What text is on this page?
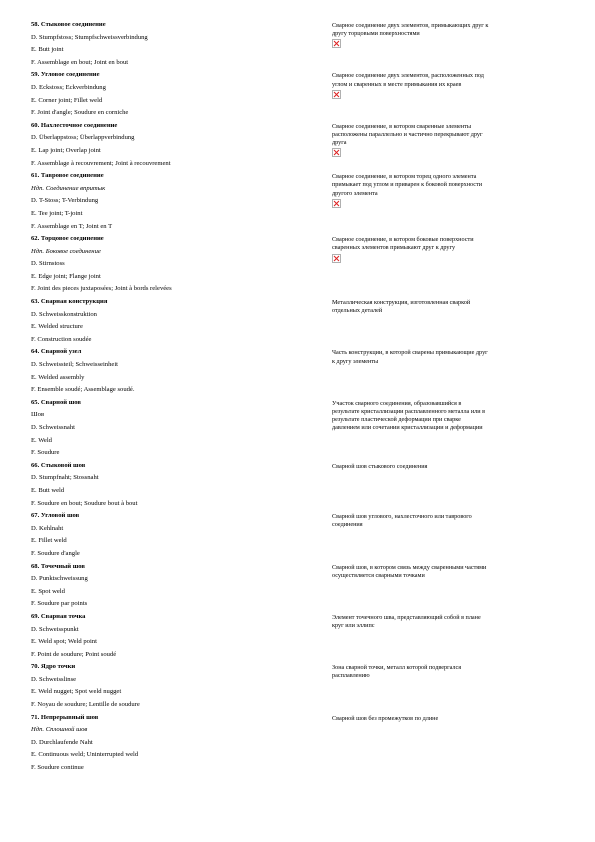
58. Стыковое соединение
D. Stumpfstoss; Stumpfschweissverbindung
E. Butt joint
F. Assemblage en bout; Joint en bout
Сварное соединение двух элементов, примыкающих друг к
другу торцовыми поверхностями
59. Угловое соединение
D. Eckstoss; Eckverbindung
E. Corner joint; Fillet weld
F. Joint d'angle; Soudure en corniche
Сварное соединение двух элементов, расположенных под
углом и сваренных в месте примыкания их краев
60. Нахлесточное соединение
D. Überlappstoss; Überlappverbindung
E. Lap joint; Overlap joint
F. Assemblage à recouvrement; Joint à recouvrement
Сварное соединение, в котором сваренные элементы
расположены параллельно и частично перекрывают друг
друга
61. Тавровое соединение
Ндп. Соединение впритык
D. T-Stoss; T-Verbindung
E. Tee joint; T-joint
F. Assemblage en T; Joint en T
Сварное соединение, в котором торец одного элемента
примыкает под углом и приварен к боковой поверхности
другого элемента
62. Торцовое соединение
Ндп. Боковое соединение
D. Stirnstoss
E. Edge joint; Flange joint
F. Joint des pieces juxtaposées; Joint à bords relevées
Сварное соединение, в котором боковые поверхности
сваренных элементов примыкают друг к другу
63. Сварная конструкция
D. Schweisskonstruktion
E. Welded structure
F. Construction soudée
Металлическая конструкция, изготовленная сваркой
отдельных деталей
64. Сварной узел
D. Schweissteil; Schweisseinheit
E. Welded assembly
F. Ensemble soudé; Assemblage soudé.
Часть конструкции, в которой сварены примыкающие друг
к другу элементы
65. Сварной шов
Шов
D. Schweissnaht
E. Weld
F. Soudure
Участок сварного соединения, образовавшийся в
результате кристаллизации расплавленного металла или в
результате пластической деформации при сварке
давлением или сочетании кристаллизации и деформации
66. Стыковой шов
D. Stumpfnaht; Stossnaht
E. Butt weld
F. Soudure en bout; Soudure bout à bout
Сварной шов стыкового соединения
67. Угловой шов
D. Kehlnaht
E. Fillet weld
F. Soudure d'angle
Сварной шов углового, нахлесточного или таврового
соединения
68. Точечный шов
D. Punktschweissung
E. Spot weld
F. Soudure par points
Сварной шов, в котором связь между сваренными частями
осуществляется сварными точками
69. Сварная точка
D. Schweisspunkt
E. Weld spot; Weld point
F. Point de soudure; Point soudé
Элемент точечного шва, представляющий собой в плане
круг или эллипс
70. Ядро точки
D. Schweisslinse
E. Weld nugget; Spot weld nugget
F. Noyau de soudure; Lentille de soudure
Зона сварной точки, металл которой подвергался
расплавлению
71. Непрерывный шов
Ндп. Сплошной шов
D. Durchlaufende Naht
E. Continuous weld; Uninterrupted weld
F. Soudure continue
Сварной шов без промежутков по длине
